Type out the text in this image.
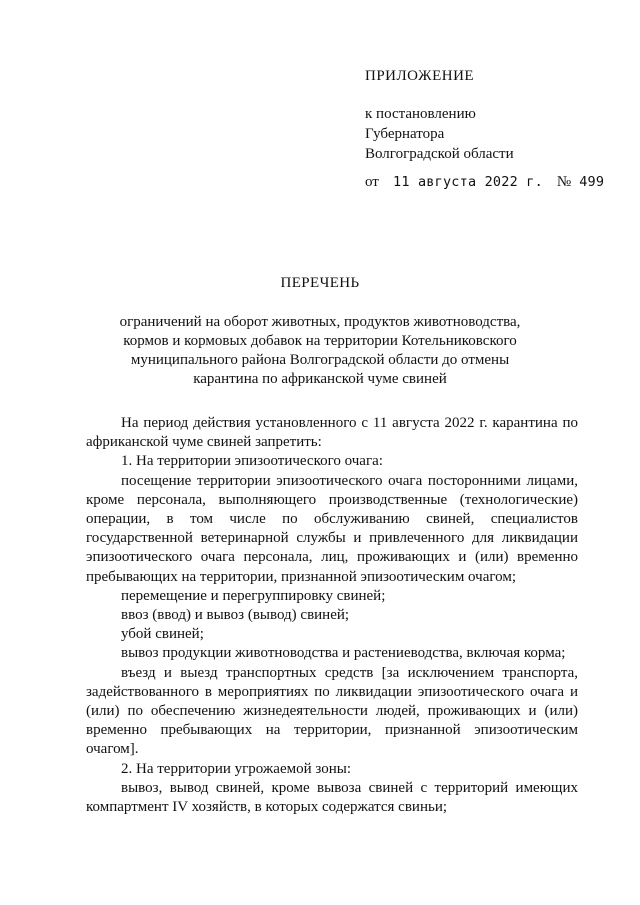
ПРИЛОЖЕНИЕ
к постановлению
Губернатора
Волгоградской области
от 11 августа 2022 г. № 499
ПЕРЕЧЕНЬ
ограничений на оборот животных, продуктов животноводства,
кормов и кормовых добавок на территории Котельниковского
муниципального района Волгоградской области до отмены
карантина по африканской чуме свиней

На период действия установленного с 11 августа 2022 г. карантина по африканской чуме свиней запретить:

1. На территории эпизоотического очага:

посещение территории эпизоотического очага посторонними лицами, кроме персонала, выполняющего производственные (технологические) операции, в том числе по обслуживанию свиней, специалистов государственной ветеринарной службы и привлеченного для ликвидации эпизоотического очага персонала, лиц, проживающих и (или) временно пребывающих на территории, признанной эпизоотическим очагом;

перемещение и перегруппировку свиней;

ввоз (ввод) и вывоз (вывод) свиней;

убой свиней;

вывоз продукции животноводства и растениеводства, включая корма;

въезд и выезд транспортных средств [за исключением транспорта, задействованного в мероприятиях по ликвидации эпизоотического очага и (или) по обеспечению жизнедеятельности людей, проживающих и (или) временно пребывающих на территории, признанной эпизоотическим очагом].

2. На территории угрожаемой зоны:

вывоз, вывод свиней, кроме вывоза свиней с территорий имеющих компартмент IV хозяйств, в которых содержатся свиньи;
